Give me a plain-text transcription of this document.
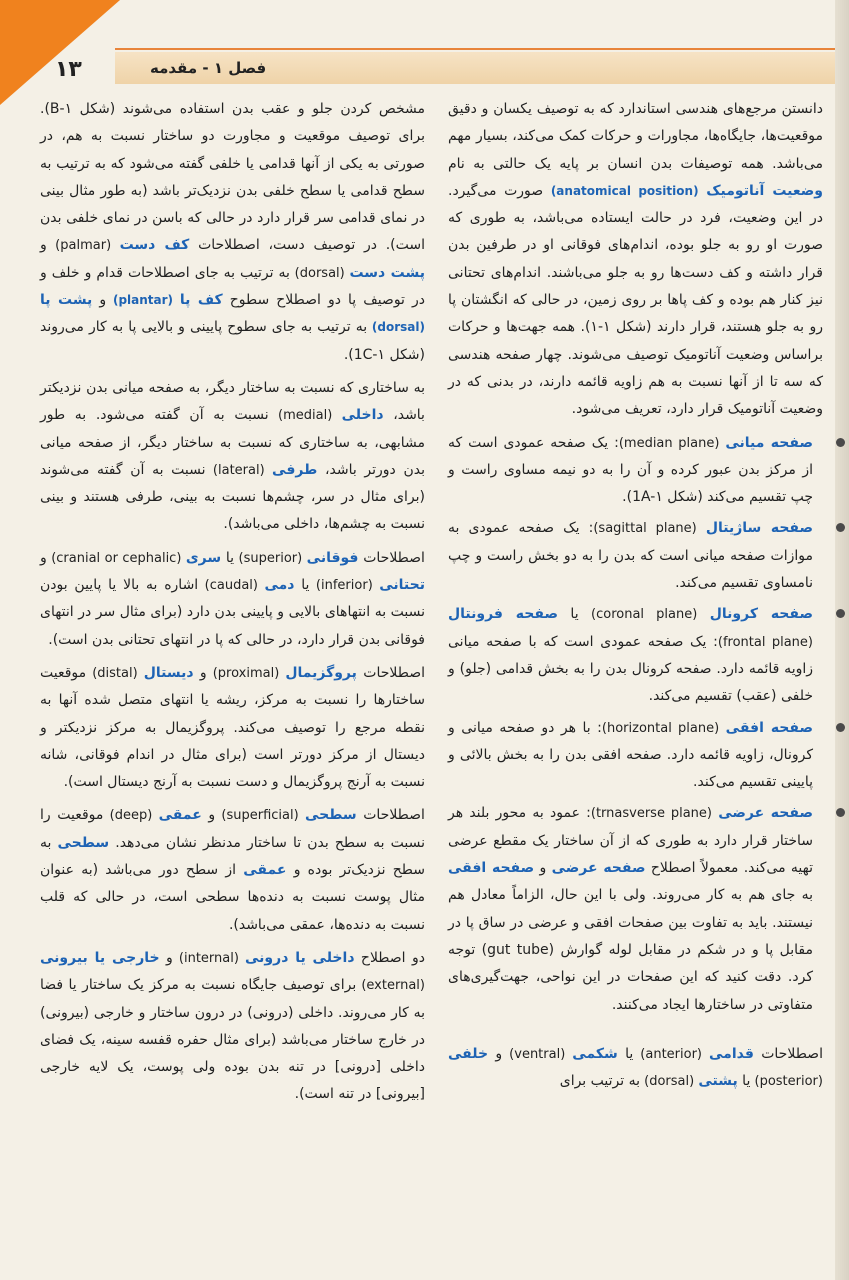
۱۳	فصل ۱ - مقدمه

دانستن مرجع‌های هندسی استاندارد که به توصیف یکسان و دقیق موقعیت‌ها، جایگاه‌ها، مجاورات و حرکات کمک می‌کند، بسیار مهم می‌باشد. همه توصیفات بدن انسان بر پایه یک حالتی به نام وضعیت آناتومیک (anatomical position) صورت می‌گیرد. در این وضعیت، فرد در حالت ایستاده می‌باشد، به طوری که صورت او رو به جلو بوده، اندام‌های فوقانی او در طرفین بدن قرار داشته و کف دست‌ها رو به جلو می‌باشند. اندام‌های تحتانی نیز کنار هم بوده و کف پاها بر روی زمین، در حالی که انگشتان پا رو به جلو هستند، قرار دارند (شکل ۱-۱). همه جهت‌ها و حرکات براساس وضعیت آناتومیک توصیف می‌شوند. چهار صفحه هندسی که سه تا از آنها نسبت به هم زاویه قائمه دارند، در بدنی که در وضعیت آناتومیک قرار دارد، تعریف می‌شود.

صفحه میانی (median plane): یک صفحه عمودی است که از مرکز بدن عبور کرده و آن را به دو نیمه مساوی راست و چپ تقسیم می‌کند (شکل 1A-۱).
صفحه ساژیتال (sagittal plane): یک صفحه عمودی به موازات صفحه میانی است که بدن را به دو بخش راست و چپ نامساوی تقسیم می‌کند.
صفحه کرونال (coronal plane) یا صفحه فرونتال (frontal plane): یک صفحه عمودی است که با صفحه میانی زاویه قائمه دارد. صفحه کرونال بدن را به بخش قدامی (جلو) و خلفی (عقب) تقسیم می‌کند.
صفحه افقی (horizontal plane): با هر دو صفحه میانی و کرونال، زاویه قائمه دارد. صفحه افقی بدن را به بخش بالائی و پایینی تقسیم می‌کند.
صفحه عرضی (trnasverse plane): عمود به محور بلند هر ساختار قرار دارد به طوری که از آن ساختار یک مقطع عرضی تهیه می‌کند. معمولاً اصطلاح صفحه عرضی و صفحه افقی به جای هم به کار می‌روند. ولی با این حال، الزاماً معادل هم نیستند. باید به تفاوت بین صفحات افقی و عرضی در ساق پا در مقابل پا و در شکم در مقابل لوله گوارش (gut tube) توجه کرد. دقت کنید که این صفحات در این نواحی، جهت‌گیری‌های متفاوتی در ساختارها ایجاد می‌کنند.

اصطلاحات قدامی (anterior) یا شکمی (ventral) و خلفی (posterior) یا پشتی (dorsal) به ترتیب برای

مشخص کردن جلو و عقب بدن استفاده می‌شوند (شکل B-۱). برای توصیف موقعیت و مجاورت دو ساختار نسبت به هم، در صورتی به یکی از آنها قدامی یا خلفی گفته می‌شود که به ترتیب به سطح قدامی یا سطح خلفی بدن نزدیک‌تر باشد (به طور مثال بینی در نمای قدامی سر قرار دارد در حالی که باسن در نمای خلفی بدن است). در توصیف دست، اصطلاحات کف دست (palmar) و پشت دست (dorsal) به ترتیب به جای اصطلاحات قدام و خلف و در توصیف پا دو اصطلاح سطوح کف پا (plantar) و پشت پا (dorsal) به ترتیب به جای سطوح پایینی و بالایی پا به کار می‌روند (شکل 1C-۱).

به ساختاری که نسبت به ساختار دیگر، به صفحه میانی بدن نزدیکتر باشد، داخلی (medial) نسبت به آن گفته می‌شود. به طور مشابهی، به ساختاری که نسبت به ساختار دیگر، از صفحه میانی بدن دورتر باشد، طرفی (lateral) نسبت به آن گفته می‌شوند (برای مثال در سر، چشم‌ها نسبت به بینی، طرفی هستند و بینی نسبت به چشم‌ها، داخلی می‌باشد).

اصطلاحات فوقانی (superior) یا سری (cranial or cephalic) و تحتانی (inferior) یا دمی (caudal) اشاره به بالا یا پایین بودن نسبت به انتهاهای بالایی و پایینی بدن دارد (برای مثال سر در انتهای فوقانی بدن قرار دارد، در حالی که پا در انتهای تحتانی بدن است).

اصطلاحات پروگزیمال (proximal) و دیستال (distal) موقعیت ساختارها را نسبت به مرکز، ریشه یا انتهای متصل شده آنها به نقطه مرجع را توصیف می‌کند. پروگزیمال به مرکز نزدیکتر و دیستال از مرکز دورتر است (برای مثال در اندام فوقانی، شانه نسبت به آرنج پروگزیمال و دست نسبت به آرنج دیستال است).

اصطلاحات سطحی (superficial) و عمقی (deep) موقعیت را نسبت به سطح بدن تا ساختار مدنظر نشان می‌دهد. سطحی به سطح نزدیک‌تر بوده و عمقی از سطح دور می‌باشد (به عنوان مثال پوست نسبت به دنده‌ها سطحی است، در حالی که قلب نسبت به دنده‌ها، عمقی می‌باشد).

دو اصطلاح داخلی یا درونی (internal) و خارجی یا بیرونی (external) برای توصیف جایگاه نسبت به مرکز یک ساختار یا فضا به کار می‌روند. داخلی (درونی) در درون ساختار و خارجی (بیرونی) در خارج ساختار می‌باشد (برای مثال حفره قفسه سینه، یک فضای داخلی [درونی] در تنه بدن بوده ولی پوست، یک لایه خارجی [بیرونی] در تنه است).
